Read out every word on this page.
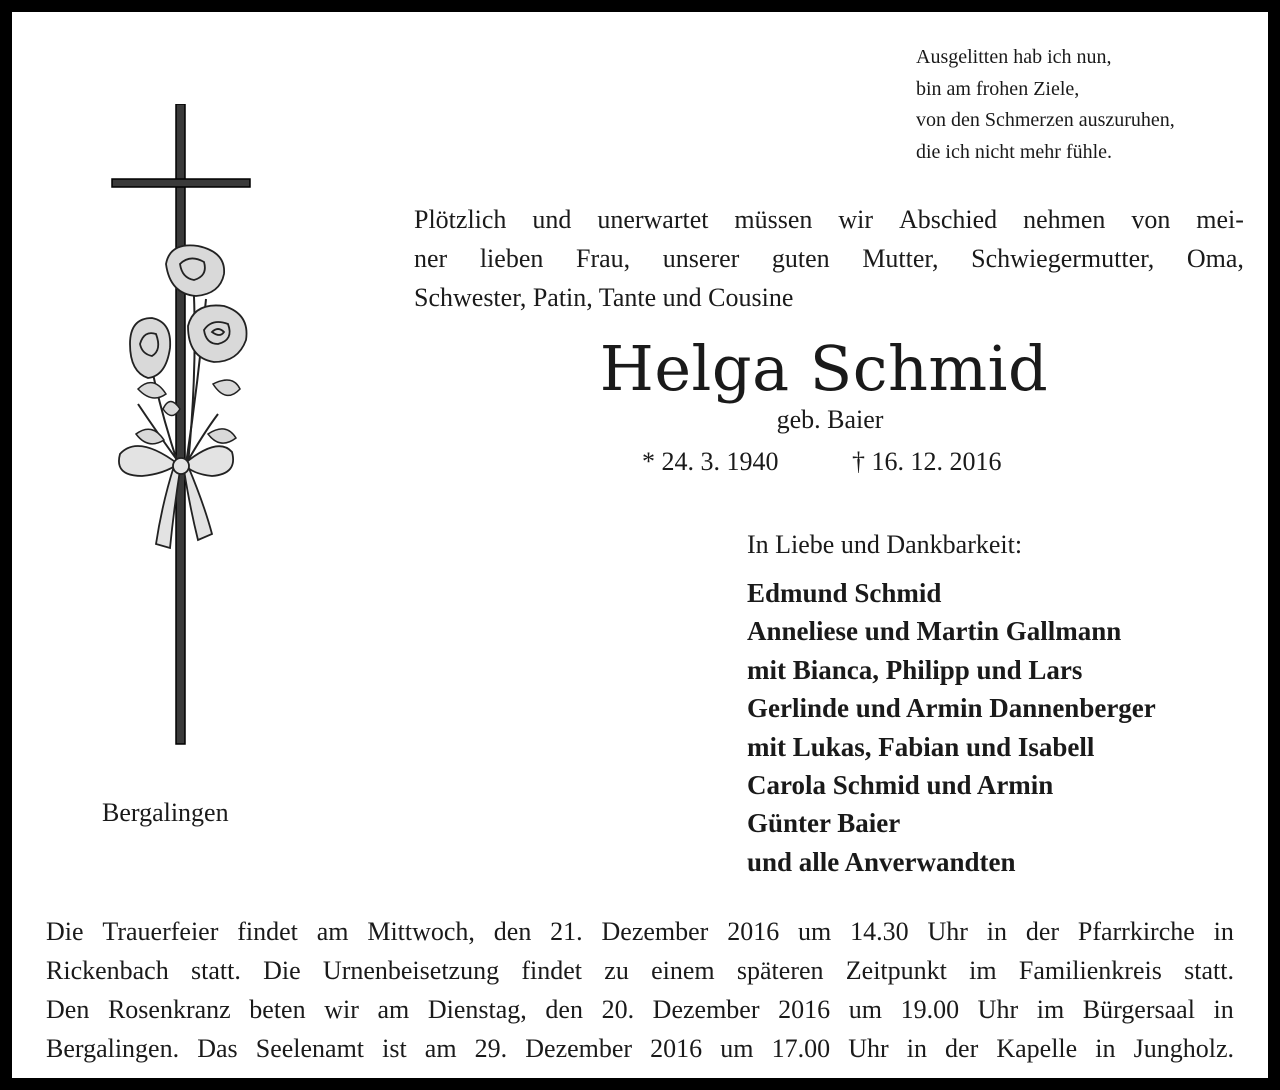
Ausgelitten hab ich nun,
bin am frohen Ziele,
von den Schmerzen auszuruhen,
die ich nicht mehr fühle.
Plötzlich und unerwartet müssen wir Abschied nehmen von mei-
ner lieben Frau, unserer guten Mutter, Schwiegermutter, Oma,
Schwester, Patin, Tante und Cousine
Helga Schmid
geb. Baier
* 24. 3. 1940	† 16. 12. 2016
In Liebe und Dankbarkeit:
Edmund Schmid
Anneliese und Martin Gallmann
mit Bianca, Philipp und Lars
Gerlinde und Armin Dannenberger
mit Lukas, Fabian und Isabell
Carola Schmid und Armin
Günter Baier
und alle Anverwandten
Bergalingen
Die Trauerfeier findet am Mittwoch, den 21. Dezember 2016 um 14.30 Uhr in der Pfarrkirche in
Rickenbach statt. Die Urnenbeisetzung findet zu einem späteren Zeitpunkt im Familienkreis statt.
Den Rosenkranz beten wir am Dienstag, den 20. Dezember 2016 um 19.00 Uhr im Bürgersaal in
Bergalingen. Das Seelenamt ist am 29. Dezember 2016 um 17.00 Uhr in der Kapelle in Jungholz.
